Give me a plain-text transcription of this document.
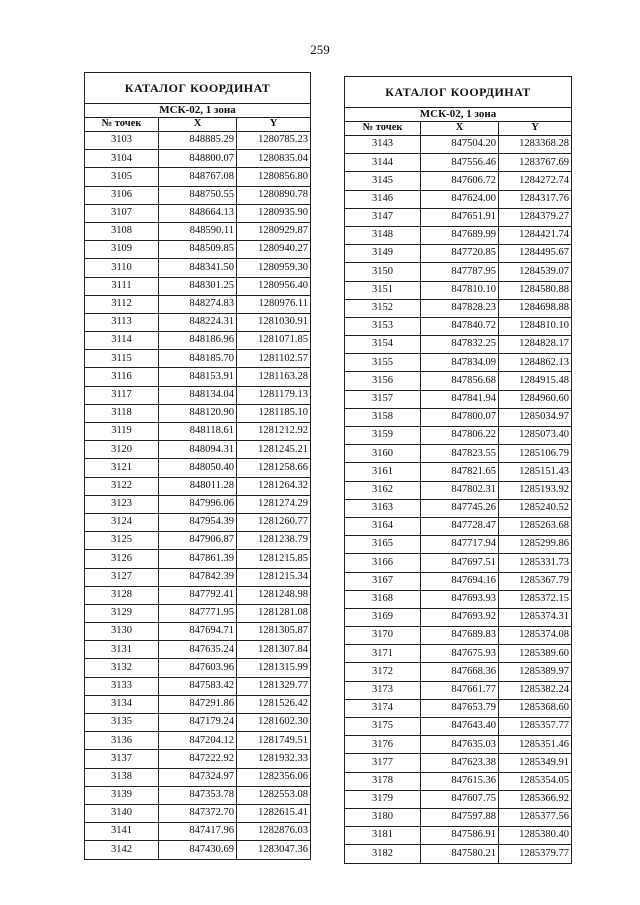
259
КАТАЛОГ КООРДИНАТ		
МСК-02, 1 зона		
№ точек	X	Y
3103	848885.29	1280785.23
3104	848800.07	1280835.04
3105	848767.08	1280856.80
3106	848750.55	1280890.78
3107	848664.13	1280935.90
3108	848590.11	1280929.87
3109	848509.85	1280940.27
3110	848341.50	1280959.30
3111	848301.25	1280956.40
3112	848274.83	1280976.11
3113	848224.31	1281030.91
3114	848186.96	1281071.85
3115	848185.70	1281102.57
3116	848153.91	1281163.28
3117	848134.04	1281179.13
3118	848120.90	1281185.10
3119	848118.61	1281212.92
3120	848094.31	1281245.21
3121	848050.40	1281258.66
3122	848011.28	1281264.32
3123	847996.06	1281274.29
3124	847954.39	1281260.77
3125	847906.87	1281238.79
3126	847861.39	1281215.85
3127	847842.39	1281215.34
3128	847792.41	1281248.98
3129	847771.95	1281281.08
3130	847694.71	1281305.87
3131	847635.24	1281307.84
3132	847603.96	1281315.99
3133	847583.42	1281329.77
3134	847291.86	1281526.42
3135	847179.24	1281602.30
3136	847204.12	1281749.51
3137	847222.92	1281932.33
3138	847324.97	1282356.06
3139	847353.78	1282553.08
3140	847372.70	1282615.41
3141	847417.96	1282876.03
3142	847430.69	1283047.36
КАТАЛОГ КООРДИНАТ		
МСК-02, 1 зона		
№ точек	X	Y
3143	847504.20	1283368.28
3144	847556.46	1283767.69
3145	847606.72	1284272.74
3146	847624.00	1284317.76
3147	847651.91	1284379.27
3148	847689.99	1284421.74
3149	847720.85	1284495.67
3150	847787.95	1284539.07
3151	847810.10	1284580.88
3152	847828.23	1284698.88
3153	847840.72	1284810.10
3154	847832.25	1284828.17
3155	847834.09	1284862.13
3156	847856.68	1284915.48
3157	847841.94	1284960.60
3158	847800.07	1285034.97
3159	847806.22	1285073.40
3160	847823.55	1285106.79
3161	847821.65	1285151.43
3162	847802.31	1285193.92
3163	847745.26	1285240.52
3164	847728.47	1285263.68
3165	847717.94	1285299.86
3166	847697.51	1285331.73
3167	847694.16	1285367.79
3168	847693.93	1285372.15
3169	847693.92	1285374.31
3170	847689.83	1285374.08
3171	847675.93	1285389.60
3172	847668.36	1285389.97
3173	847661.77	1285382.24
3174	847653.79	1285368.60
3175	847643.40	1285357.77
3176	847635.03	1285351.46
3177	847623.38	1285349.91
3178	847615.36	1285354.05
3179	847607.75	1285366.92
3180	847597.88	1285377.56
3181	847586.91	1285380.40
3182	847580.21	1285379.77
